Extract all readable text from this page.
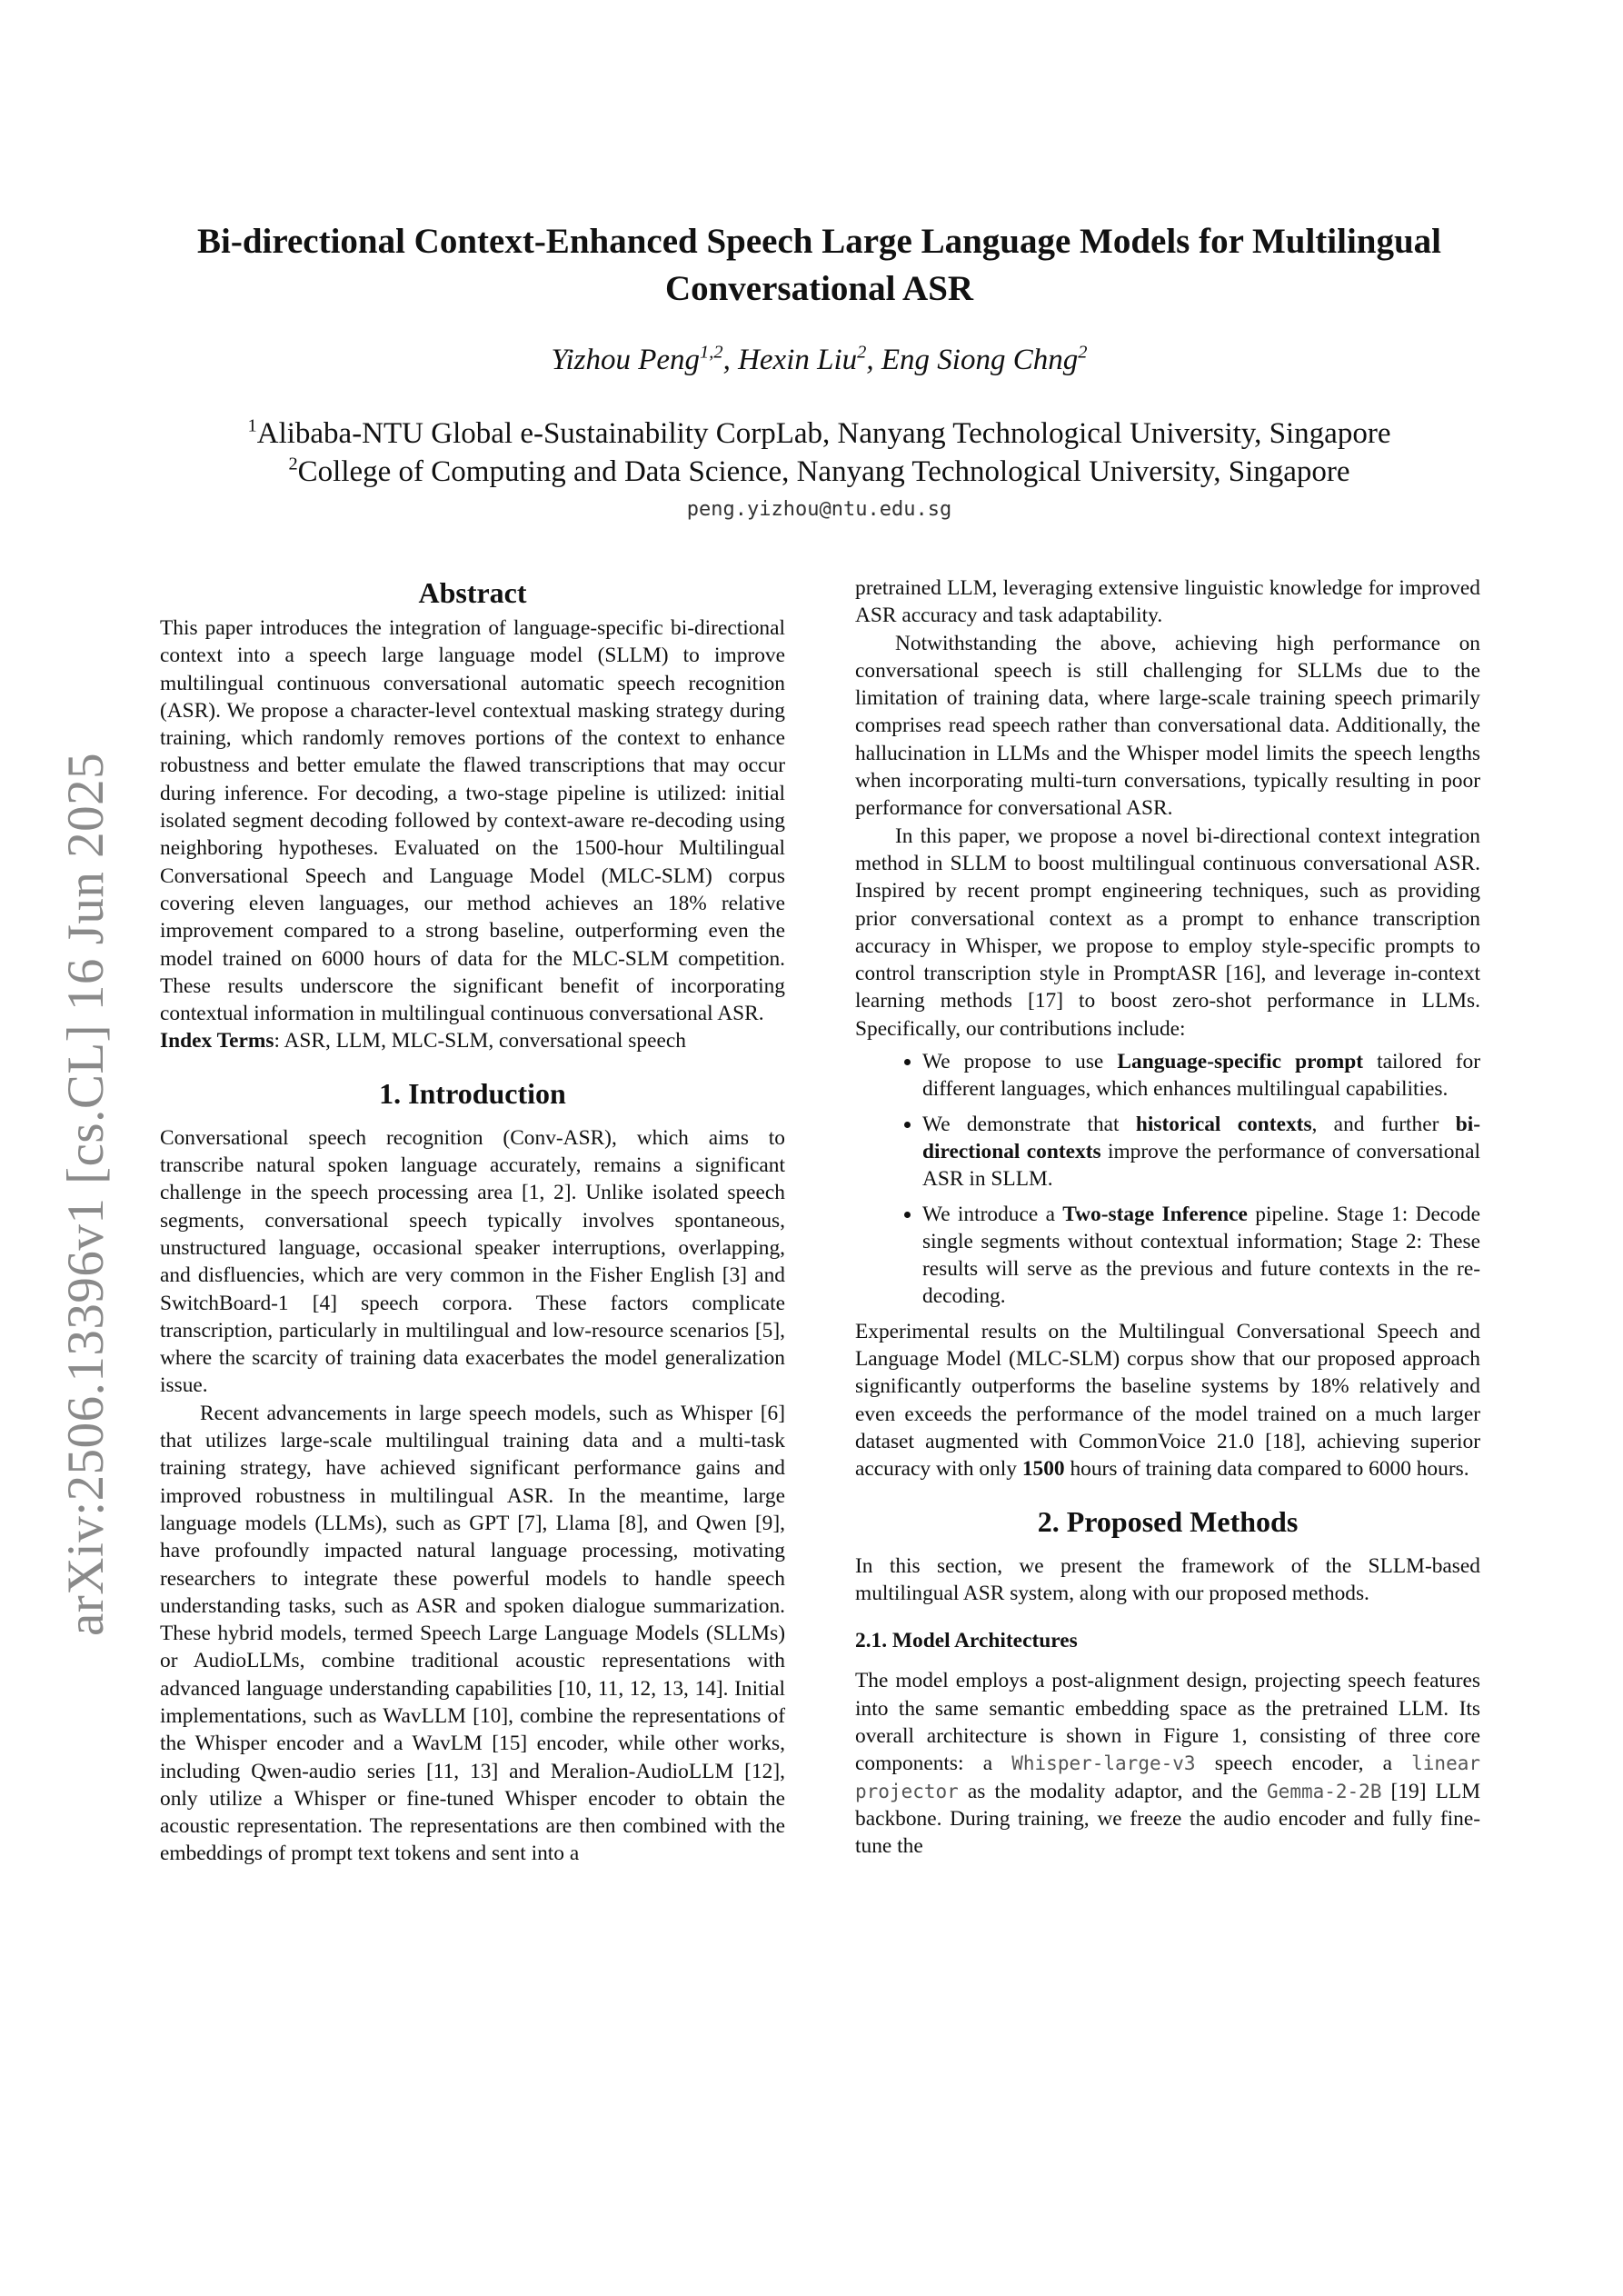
arXiv:2506.13396v1 [cs.CL] 16 Jun 2025
Bi-directional Context-Enhanced Speech Large Language Models for Multilingual Conversational ASR
Yizhou Peng$^{1,2}$, Hexin Liu$^2$, Eng Siong Chng$^2$
$^1$Alibaba-NTU Global e-Sustainability CorpLab, Nanyang Technological University, Singapore
$^2$College of Computing and Data Science, Nanyang Technological University, Singapore
peng.yizhou@ntu.edu.sg
Abstract

This paper introduces the integration of language-specific bi-directional context into a speech large language model (SLLM) to improve multilingual continuous conversational automatic speech recognition (ASR). We propose a character-level contextual masking strategy during training, which randomly removes portions of the context to enhance robustness and better emulate the flawed transcriptions that may occur during inference. For decoding, a two-stage pipeline is utilized: initial isolated segment decoding followed by context-aware re-decoding using neighboring hypotheses. Evaluated on the 1500-hour Multilingual Conversational Speech and Language Model (MLC-SLM) corpus covering eleven languages, our method achieves an 18% relative improvement compared to a strong baseline, outperforming even the model trained on 6000 hours of data for the MLC-SLM competition. These results underscore the significant benefit of incorporating contextual information in multilingual continuous conversational ASR.

Index Terms: ASR, LLM, MLC-SLM, conversational speech

1. Introduction

Conversational speech recognition (Conv-ASR), which aims to transcribe natural spoken language accurately, remains a significant challenge in the speech processing area [1, 2]. Unlike isolated speech segments, conversational speech typically involves spontaneous, unstructured language, occasional speaker interruptions, overlapping, and disfluencies, which are very common in the Fisher English [3] and SwitchBoard-1 [4] speech corpora. These factors complicate transcription, particularly in multilingual and low-resource scenarios [5], where the scarcity of training data exacerbates the model generalization issue.

Recent advancements in large speech models, such as Whisper [6] that utilizes large-scale multilingual training data and a multi-task training strategy, have achieved significant performance gains and improved robustness in multilingual ASR. In the meantime, large language models (LLMs), such as GPT [7], Llama [8], and Qwen [9], have profoundly impacted natural language processing, motivating researchers to integrate these powerful models to handle speech understanding tasks, such as ASR and spoken dialogue summarization. These hybrid models, termed Speech Large Language Models (SLLMs) or AudioLLMs, combine traditional acoustic representations with advanced language understanding capabilities [10, 11, 12, 13, 14]. Initial implementations, such as WavLLM [10], combine the representations of the Whisper encoder and a WavLM [15] encoder, while other works, including Qwen-audio series [11, 13] and Meralion-AudioLLM [12], only utilize a Whisper or fine-tuned Whisper encoder to obtain the acoustic representation. The representations are then combined with the embeddings of prompt text tokens and sent into a

pretrained LLM, leveraging extensive linguistic knowledge for improved ASR accuracy and task adaptability.

Notwithstanding the above, achieving high performance on conversational speech is still challenging for SLLMs due to the limitation of training data, where large-scale training speech primarily comprises read speech rather than conversational data. Additionally, the hallucination in LLMs and the Whisper model limits the speech lengths when incorporating multi-turn conversations, typically resulting in poor performance for conversational ASR.

In this paper, we propose a novel bi-directional context integration method in SLLM to boost multilingual continuous conversational ASR. Inspired by recent prompt engineering techniques, such as providing prior conversational context as a prompt to enhance transcription accuracy in Whisper, we propose to employ style-specific prompts to control transcription style in PromptASR [16], and leverage in-context learning methods [17] to boost zero-shot performance in LLMs. Specifically, our contributions include:

• We propose to use Language-specific prompt tailored for different languages, which enhances multilingual capabilities.
• We demonstrate that historical contexts, and further bi-directional contexts improve the performance of conversational ASR in SLLM.
• We introduce a Two-stage Inference pipeline. Stage 1: Decode single segments without contextual information; Stage 2: These results will serve as the previous and future contexts in the re-decoding.

Experimental results on the Multilingual Conversational Speech and Language Model (MLC-SLM) corpus show that our proposed approach significantly outperforms the baseline systems by 18% relatively and even exceeds the performance of the model trained on a much larger dataset augmented with CommonVoice 21.0 [18], achieving superior accuracy with only 1500 hours of training data compared to 6000 hours.

2. Proposed Methods

In this section, we present the framework of the SLLM-based multilingual ASR system, along with our proposed methods.

2.1. Model Architectures

The model employs a post-alignment design, projecting speech features into the same semantic embedding space as the pretrained LLM. Its overall architecture is shown in Figure 1, consisting of three core components: a Whisper-large-v3 speech encoder, a linear projector as the modality adaptor, and the Gemma-2-2B [19] LLM backbone. During training, we freeze the audio encoder and fully fine-tune the
